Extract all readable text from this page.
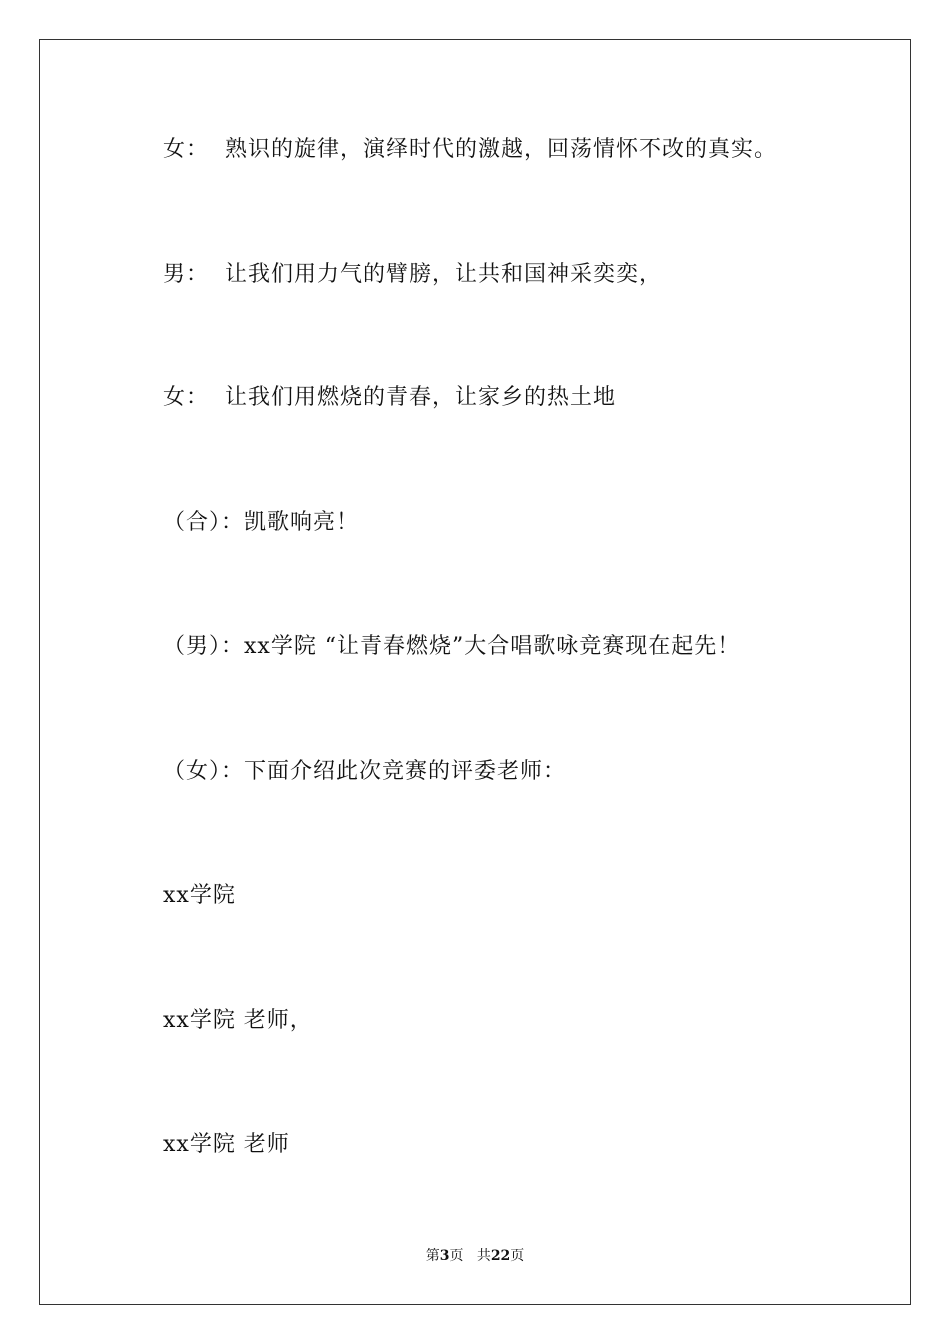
女：  熟识的旋律，演绎时代的激越，回荡情怀不改的真实。
男：  让我们用力气的臂膀，让共和国神采奕奕，
女：  让我们用燃烧的青春，让家乡的热土地
（合）：凯歌响亮！
（男）：xx学院 “让青春燃烧”大合唱歌咏竞赛现在起先！
（女）：下面介绍此次竞赛的评委老师：
xx学院
xx学院 老师，
xx学院 老师
第3页 共22页
